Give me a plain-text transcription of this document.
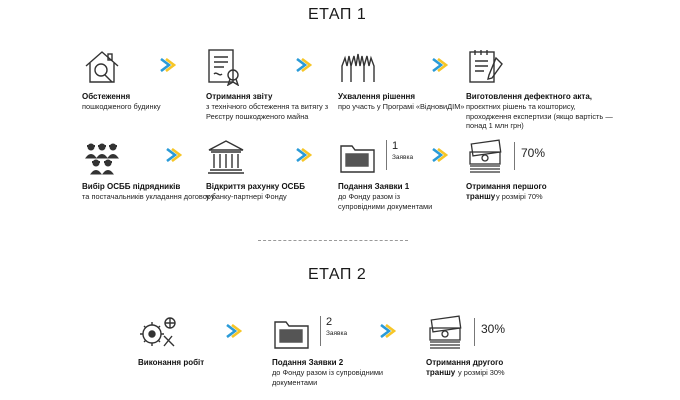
ЕТАП 1
Обстеження
пошкодженого будинку
Отримання звіту
з технічного обстеження та витягу з Реєстру пошкодженого майна
Ухвалення рішення
про участь у Програмі «ВідновиДІМ»
Виготовлення дефектного акта,
проєктних рішень та кошторису, проходження експертизи (якщо вартість — понад 1 млн грн)
Вибір ОСББ підрядників
та постачальників укладання договору
Відкриття рахунку ОСББ
у банку-партнері Фонду
1
Заявка
Подання Заявки 1
до Фонду разом із супровідними документами
70%
Отримання першого траншу у розмірі 70%
ЕТАП 2
Виконання робіт
2
Заявка
Подання Заявки 2
до Фонду разом із супровідними документами
30%
Отримання другого траншу у розмірі 30%
